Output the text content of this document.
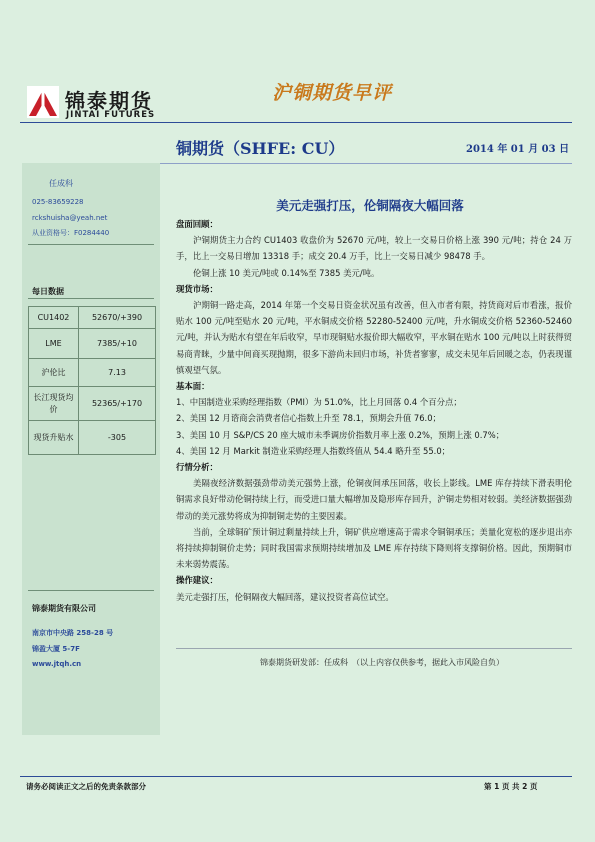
锦泰期货
JINTAI FUTURES
沪铜期货早评
铜期货（SHFE: CU）	2014 年 01 月 03 日
任成科
025-83659228
rckshuisha@yeah.net
从业资格号：F0284440
每日数据
CU1402	52670/+390
LME	7385/+10
沪伦比	7.13
长江现货均价	52365/+170
现货升贴水	-305
锦泰期货有限公司
南京市中央路 258-28 号
锦盈大厦 5-7F
www.jtqh.cn
美元走强打压，伦铜隔夜大幅回落
盘面回顾：
沪铜期货主力合约 CU1403 收盘价为 52670 元/吨，较上一交易日价格上涨 390 元/吨；持仓 24 万手，比上一交易日增加 13318 手；成交 20.4 万手，比上一交易日减少 98478 手。
伦铜上涨 10 美元/吨或 0.14%至 7385 美元/吨。
现货市场：
沪期铜一路走高，2014 年第一个交易日资金状况虽有改善，但入市者有限，持货商对后市看涨，报价贴水 100 元/吨至贴水 20 元/吨，平水铜成交价格 52280-52400 元/吨，升水铜成交价格 52360-52460 元/吨，并认为贴水有望在年后收窄，早市现铜贴水报价即大幅收窄，平水铜在贴水 100 元/吨以上时获得贸易商青睐，少量中间商买现抛期，很多下游尚未回归市场，补货者寥寥，成交未见年后回暖之态，仍表现谨慎观望气氛。
基本面：
1、中国制造业采购经理指数（PMI）为 51.0%，比上月回落 0.4 个百分点；
2、美国 12 月谘商会消费者信心指数上升至 78.1，预期会升值 76.0；
3、美国 10 月 S&P/CS 20 座大城市未季调房价指数月率上涨 0.2%，预期上涨 0.7%；
4、美国 12 月 Markit 制造业采购经理人指数终值从 54.4 略升至 55.0；
行情分析：
美隔夜经济数据强劲带动美元强势上涨，伦铜夜间承压回落，收长上影线。LME 库存持续下滑表明伦铜需求良好带动伦铜持续上行，而受进口量大幅增加及隐形库存回升，沪铜走势相对较弱。美经济数据强劲带动的美元涨势将成为抑制铜走势的主要因素。
当前，全球铜矿预计铜过剩量持续上升，铜矿供应增速高于需求令铜铜承压；美量化宽松的逐步退出亦将持续抑制铜价走势；同时我国需求预期持续增加及 LME 库存持续下降则将支撑铜价格。因此，预期铜市未来弱势震荡。
操作建议：
美元走强打压，伦铜隔夜大幅回落，建议投资者高位试空。
锦泰期货研发部：任成科　（以上内容仅供参考，据此入市风险自负）
请务必阅读正文之后的免责条款部分	第 1 页 共 2 页
